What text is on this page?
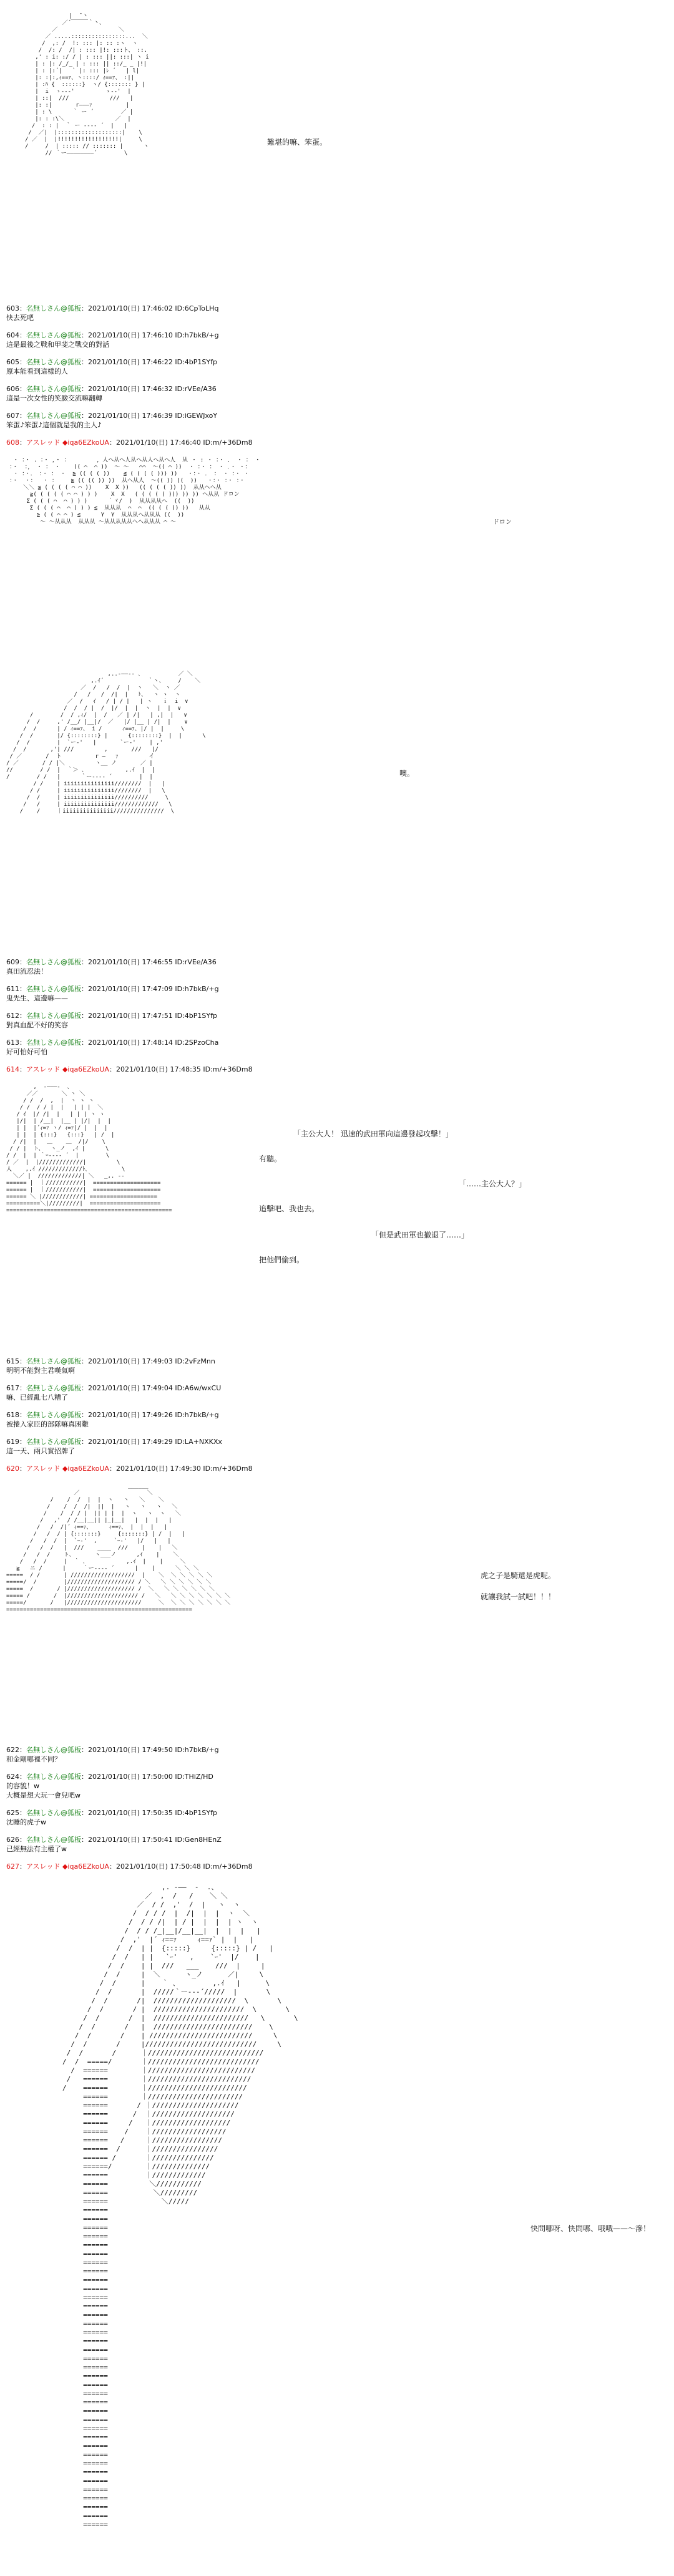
|  ̄ 丶
／´￣￣￣｀丶、
／                  ＼
／ .....::::::::::::::::...  ＼
/  ,: /  !: ::: |: :: :ヽ  ヽ
/  /: /  /| : ::: |!: :::ト、 ::.
,' : i: :/ / | : ::: ||: :::| ヽ i
| : |: /_/_ | : ::: || ::/_ _ |!|
| : |:´|   ` |: ::: |ﾚ ´   | l|
|: :|:,ｨ==ｧ、ヽ::::/ ｨ==ｧ、 :||
| :ﾊ {  ::::::}  ヽ/ {::::::: } |
|  i  ゝ--‐'         ゝ--'  |
| ::|  ///            ///   |
|: :|       r―――ｧ          |
| : \      ｀ ー ´        ／ |
|: : :\＼               ／  |
/  : : |  ｀ ー ---- ´  |   |
/  ／|  |:::::::::::::::::::|    \
/ ／  |  |!!!!!!!!!!!!!!!!!!|     \
/     /  | ::::: // ::::::: |      ヽ
// ｀ー――――――――´        \

難堪的嘛、笨蛋。
603：名無しさん@狐板：2021/01/10(日) 17:46:02 ID:6CpToLHq
快去死吧
604：名無しさん@狐板：2021/01/10(日) 17:46:10 ID:h7bkB/+g
這是最後之戰和甲斐之戰交的對話
605：名無しさん@狐板：2021/01/10(日) 17:46:22 ID:4bP1SYfp
原本能看到這樣的人
606：名無しさん@狐板：2021/01/10(日) 17:46:32 ID:rVEe/A36
這是一次女性的笑臉交流嘛翻轉
607：名無しさん@狐板：2021/01/10(日) 17:46:39 ID:iGEWJxoY
笨蛋♪笨蛋♪這個就是我的主人♪
608：アスレッド ◆iqa6EZkoUA：2021/01/10(日) 17:46:40 ID:m/+36Dm8

・ ：・ . ：・ ，・ ：        ，人ヘ从ヘ人从ヘ从人ヘ从ヘ人  从 ・ : ・ ：・ ． ・ ： ・
：・  ：， ・ ： ・    (( ⌒  ⌒ ))  ～ ～   ⌒⌒  ～(( ⌒ ))  ・ ：・ ： ・ ．・ ・：
・ ：・． ：・ ： ・  ≧ (( ( ( ))    ≦ ( ( ( ( ))) ))   ・：・ ． ： ・ ：・ ・
：・  ・：  ・ ：    ≧ (( (( )) ))  从ヘ从人  ～(( )) ((  ))   ・：・ ：・ ：・
＼＼ ≦ ( ( ( ( ⌒ ⌒ ))    X  X ))   (( ( ( ( )) ))  从从ヘヘ从
≧( ( ( ( ( ⌒ ⌒ ) ) )    X  X   ( ( ( ( ( ))) )) )) ヘ从从 ドロン
Σ ( ( ( ⌒  ⌒ ) ) )      ｀ヾ/  )  从从从从ヘ  ((  ))
Σ ( ( ( ⌒  ⌒ ) ) ) ≦  从从从  ⌒  ⌒  (( ( ( )) ))   从从
≧ ( ( ⌒ ⌒ ) ≦      Y  Y  从从从ヘ从从从 ((  ))
～ ～从从从  从从从 ～从从从从从ヘヘ从从从 ⌒ ～	ドロン

,..-――‐- ､           ／ ＼
,.ｲ´             ｀ヽ、    /    ＼
／  /   /  /  |  ヽ   ＼  ヽ ／
/   /   /  /|  |   ﾄ、  ヽ ヽ  ヽ
／  /   ｲ   / | / |   | ヽ   ｉ  i  ∨
/  /  / |  /  |/  |  |  ヽ  |  |  ∨
/        /  / ,ｨ/  |  /   ／ | /|   | ,|  |   ∨
/  /     ,' /__/ |__|/  ／   |/ |__ | /|  |    ∨
/  /      | / ｨ==ｧ、 i /      ｨ==ｧ、|/ |  |     \
/  /       |/ {::::::::} |      {::::::::}  |  |      \
/  /        |  `ー‐'   |       `ー‐'    | ,'
/  /       ,'| ///         ,       ///   |/
/ ／       /  ト          r ―   ｧ         イ
/ ／       / / |＼         ヽ__ ノ       ／ |
//        / /  |  ｀＞ ､            ,.ｲ  |  |
/        / /   |      ｀ー---‐ ´        |  |
/ /    | iiiiiiiiiiiiiii////////  |   |
/ /     | iiiiiiiiiiiiiii////////  |   \
/  /     | iiiiiiiiiiiiiii//////////     \
/   /     | iiiiiiiiiiiiiii/////////////   \
/    /     ｜iiiiiiiiiiiiiii///////////////  \

噢。
609：名無しさん@狐板：2021/01/10(日) 17:46:55 ID:rVEe/A36
真田流忍法！
611：名無しさん@狐板：2021/01/10(日) 17:47:09 ID:h7bkB/+g
鬼先生、這邊嘛——
612：名無しさん@狐板：2021/01/10(日) 17:47:51 ID:4bP1SYfp
對真血配不好的笑容
613：名無しさん@狐板：2021/01/10(日) 17:48:14 ID:2SPzoCha
好可怕好可怕
614：アスレッド ◆iqa6EZkoUA：2021/01/10(日) 17:48:35 ID:m/+36Dm8

,  -―――-  、
／／       ＼ ヽ ＼
/ /  /  ,  |  ヽ ヽ ヽ
/ /  / / |  |   | | |  ＼
/ ｲ  |/ /|  |   | | | ヽ ヽ
|/|  | /__|  |__ | |/|  |  |
| |  |´ｨ=ｧ ヽ/ ｨ=ｧ|/ |  |  |
| |  | {:::}   {:::}   | /  |
/ /|  |   ＿    ＿  /|/    \
/ / |  ト、  ヽ_ノ  ,ｲ |      \
/ /  |  | ｀ｰ‐‐‐‐ ´  |        \
/ ／  |  |/////////////|         \
人    ,.ｲ /////////////ﾄ､          \
＼／ |  /////////////| ＼   _,. -‐
====== |  ｜///////////|  ====================
====== |  ｜///////////|  ====================
====== ＼ |////////////| ====================
==========＼|/////////|  =====================
=================================================

「主公大人！ 迅速的武田軍向這邊發起攻擊！」
有聽。
「……主公大人？」
追擊吧、我也去。
「但是武田軍也撤退了……」
把他們偷到。
615：名無しさん@狐板：2021/01/10(日) 17:49:03 ID:2vFzMnn
明明不能對主君嘆氣啊
617：名無しさん@狐板：2021/01/10(日) 17:49:04 ID:A6w/wxCU
嘛、已經亂七八糟了
618：名無しさん@狐板：2021/01/10(日) 17:49:26 ID:h7bkB/+g
被捲入家臣的部隊嘛真困難
619：名無しさん@狐板：2021/01/10(日) 17:49:29 ID:LA+NXKXx
這一天、兩只實招牌了
620：アスレッド ◆iqa6EZkoUA：2021/01/10(日) 17:49:30 ID:m/+36Dm8

______
／                    ＼
/    /  /  |  |  ヽ   ヽ   ＼    ＼
/    /  /  /|  ||  |   ヽ   ヽ   ヽ   ＼
/    /  / / |  || | |  |  ヽ   ヽ  ヽ   ＼
/   ,'  / /__|__|| |_|__|   |  |  |   |
/   /  /|´ ｨ==ｧ、     ｨ==ｧ、 |  |  |   |
/   /  / | {:::::::}     {:::::::} | /  |   |
/   /  /  |  `ｰ‐'  ,     `ｰ‐'   |/   |   |
/   /  /   |  ///    ____  ///    |    |   ＼
/   /  /    ト、      ヽ___ノ      ,ｲ    |    ＼
/   /  /     |  ｀ ､            ,.ｲ  |    |     ＼
≧   ニ /      |     ｀ー-‐‐‐ ´      |    |      ＼ ＼ ＼
=====  / /       | ///////////////////  |    ＼  ＼ ＼ ＼ ＼ ＼
=====/  /        |//////////////////// / ＼   ＼ ＼ ＼ ＼ ＼ ＼
=====  /       / |//////////////////// /  ＼   ＼ ＼ ＼ ＼ ＼ ＼
===== /       /  |///////////////////// /   ＼   ＼ ＼ ＼ ＼ ＼ ＼ ＼
=====/       /   |//////////////////////     ＼  ＼ ＼ ＼ ＼ ＼ ＼ ＼
=======================================================

虎之子是騎還是虎呢。
就讓我試一試吧！！！
622：名無しさん@狐板：2021/01/10(日) 17:49:50 ID:h7bkB/+g
和金剛哪裡不同？
624：名無しさん@狐板：2021/01/10(日) 17:50:00 ID:THiZ/HD
的容貌！w
大概是想大玩一會兒吧w
625：名無しさん@狐板：2021/01/10(日) 17:50:35 ID:4bP1SYfp
沈睡的虎子w
626：名無しさん@狐板：2021/01/10(日) 17:50:41 ID:Gen8HEnZ
已經無法有主權了w
627：アスレッド ◆iqa6EZkoUA：2021/01/10(日) 17:50:48 ID:m/+36Dm8

,. -――  -  .、
／  ,  /   /    ＼ ＼
／  / /  ,'  /  |   ヽ  ヽ
/  / / /  |  /|  |  |  ヽ  ＼
/  / / /|  | / |  |  |  | ヽ  ヽ
/  / / /_|__|/__|__|  |  |  |   |
/  ,'  |´ ｨ==ｧ     ｨ==ｧ` |  |   |
/  /  | |  {:::::}     {:::::} | /   |
/  /   | |   `ｰ'   ,    `ｰ'  |/    |
/  /    | |  ///   ___    ///  |     |
/  /     |  ＼      ヽ_ノ      ／|     \
/  /      |    ｀ 、        ,.ｲ   |      \
/  /       |  /////｀ー‐‐‐´/////  |       \
/  /       /|  ////////////////////  \       \
/  /       / |  //////////////////////  \       \
/  /       /  |  ///////////////////////   \       \
/  /       /   |  ////////////////////////    \
/  /       /    | /////////////////////////     \
/  /       /     |///////////////////////////     \
/  /       /      ｜////////////////////////////
/  /  =====/       ｜///////////////////////////
/  ======        ｜//////////////////////////
/   ======        ｜/////////////////////////
/    ======        ｜////////////////////////
======        ｜///////////////////////
======       / ｜/////////////////////
======      /  ｜////////////////////
======     /   ｜///////////////////
======    /    ｜//////////////////
======   /     ｜/////////////////
======  /      ｜////////////////
====== /       ｜///////////////
======/        ｜//////////////
======         ｜/////////////
======          ＼///////////
======           ＼/////////
======             ＼/////
======
======
======
======
======
======
======
======
======
======
======
======
======
======
======
======
======
======
======
======
======
======
======
======
======
======
======
======
======
======
======
======
======
======
======
======
======

快問哪呀、快問哪、哦哦——～滲！
